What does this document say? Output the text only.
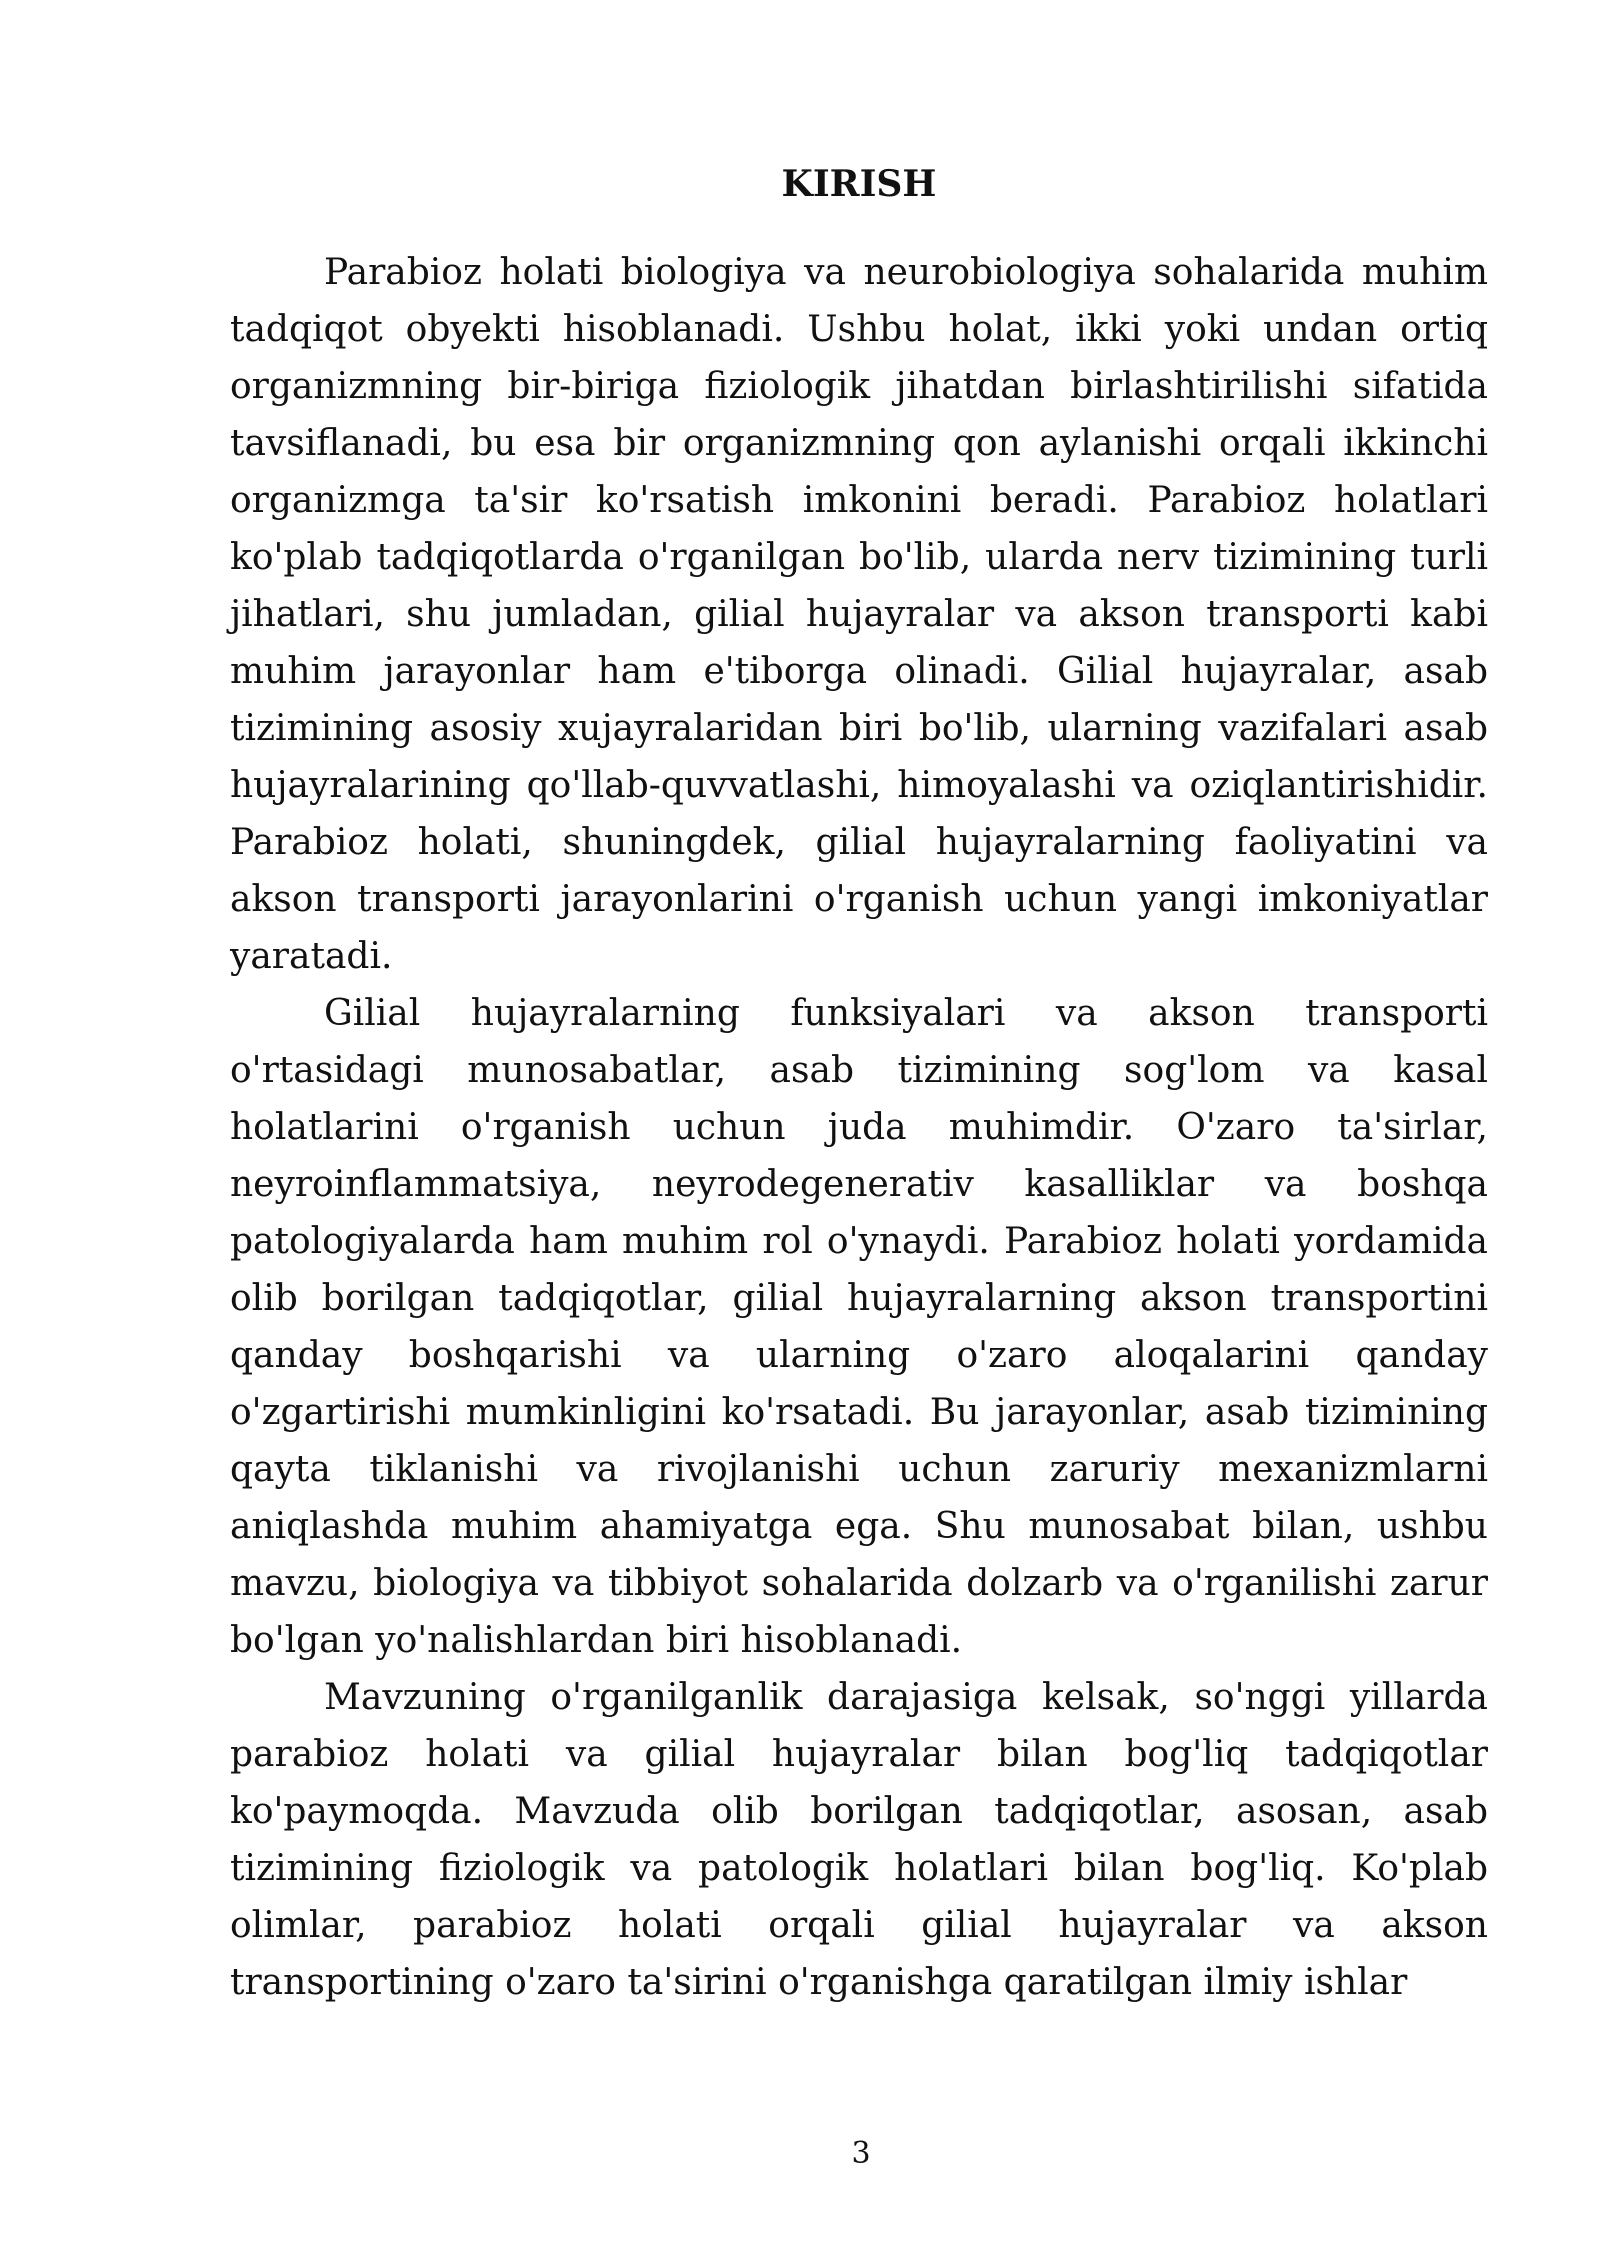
KIRISH

Parabioz holati biologiya va neurobiologiya sohalarida muhim tadqiqot obyekti hisoblanadi. Ushbu holat, ikki yoki undan ortiq organizmning bir-biriga fiziologik jihatdan birlashtirilishi sifatida tavsiflanadi, bu esa bir organizmning qon aylanishi orqali ikkinchi organizmga ta'sir ko'rsatish imkonini beradi. Parabioz holatlari ko'plab tadqiqotlarda o'rganilgan bo'lib, ularda nerv tizimining turli jihatlari, shu jumladan, gilial hujayralar va akson transporti kabi muhim jarayonlar ham e'tiborga olinadi. Gilial hujayralar, asab tizimining asosiy xujayralaridan biri bo'lib, ularning vazifalari asab hujayralarining qo'llab-quvvatlashi, himoyalashi va oziqlantirishidir. Parabioz holati, shuningdek, gilial hujayralarning faoliyatini va akson transporti jarayonlarini o'rganish uchun yangi imkoniyatlar yaratadi.

Gilial hujayralarning funksiyalari va akson transporti o'rtasidagi munosabatlar, asab tizimining sog'lom va kasal holatlarini o'rganish uchun juda muhimdir. O'zaro ta'sirlar, neyroinflammatsiya, neyrodegenerativ kasalliklar va boshqa patologiyalarda ham muhim rol o'ynaydi. Parabioz holati yordamida olib borilgan tadqiqotlar, gilial hujayralarning akson transportini qanday boshqarishi va ularning o'zaro aloqalarini qanday o'zgartirishi mumkinligini ko'rsatadi. Bu jarayonlar, asab tizimining qayta tiklanishi va rivojlanishi uchun zaruriy mexanizmlarni aniqlashda muhim ahamiyatga ega. Shu munosabat bilan, ushbu mavzu, biologiya va tibbiyot sohalarida dolzarb va o'rganilishi zarur bo'lgan yo'nalishlardan biri hisoblanadi.

Mavzuning o'rganilganlik darajasiga kelsak, so'nggi yillarda parabioz holati va gilial hujayralar bilan bog'liq tadqiqotlar ko'paymoqda. Mavzuda olib borilgan tadqiqotlar, asosan, asab tizimining fiziologik va patologik holatlari bilan bog'liq. Ko'plab olimlar, parabioz holati orqali gilial hujayralar va akson transportining o'zaro ta'sirini o'rganishga qaratilgan ilmiy ishlar

3
